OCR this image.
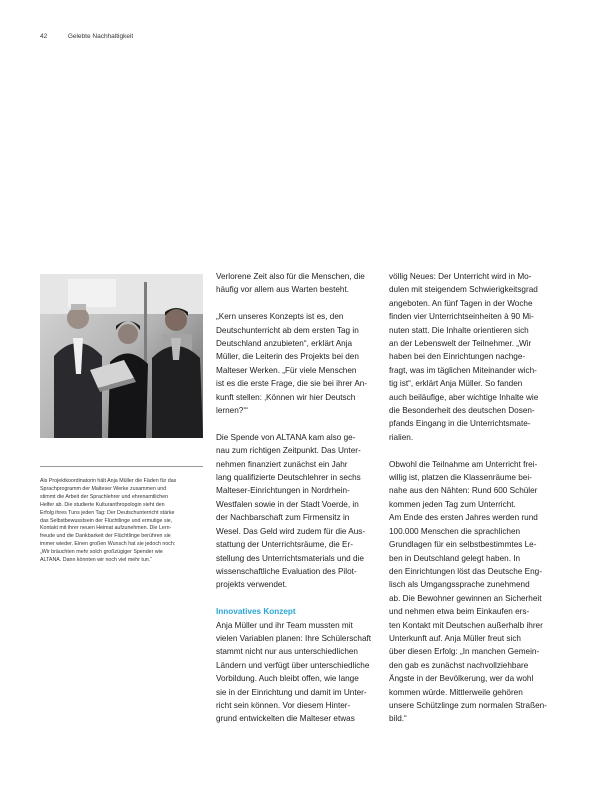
42	Gelebte Nachhaltigkeit
Als Projektkoordinatorin hält Anja Müller die Fäden für das
Sprachprogramm der Malteser Werke zusammen und
stimmt die Arbeit der Sprachlehrer und ehrenamtlichen
Helfer ab. Die studierte Kulturanthropologin sieht den
Erfolg ihres Tuns jeden Tag: Der Deutschunterricht stärke
das Selbstbewusstsein der Flüchtlinge und ermutige sie,
Kontakt mit ihrer neuen Heimat aufzunehmen. Die Lern-
freude und die Dankbarkeit der Flüchtlinge berühren sie
immer wieder. Einen großen Wunsch hat sie jedoch noch:
„Wir bräuchten mehr solch großzügiger Spender wie
ALTANA. Dann könnten wir noch viel mehr tun.“
Verlorene Zeit also für die Menschen, die
häufig vor allem aus Warten besteht.
„Kern unseres Konzepts ist es, den
Deutschunterricht ab dem ersten Tag in
Deutschland anzubieten“, erklärt Anja
Müller, die Leiterin des Projekts bei den
Malteser Werken. „Für viele Menschen
ist es die erste Frage, die sie bei ihrer An-
kunft stellen: ‚Können wir hier Deutsch
lernen?‘“
Die Spende von ALTANA kam also ge-
nau zum richtigen Zeitpunkt. Das Unter-
nehmen finanziert zunächst ein Jahr
lang qualifizierte Deutschlehrer in sechs
Malteser-Einrichtungen in Nordrhein-
Westfalen sowie in der Stadt Voerde, in
der Nachbarschaft zum Firmensitz in
Wesel. Das Geld wird zudem für die Aus-
stattung der Unterrichtsräume, die Er-
stellung des Unterrichtsmaterials und die
wissenschaftliche Evaluation des Pilot-
projekts verwendet.
Innovatives Konzept
Anja Müller und ihr Team mussten mit
vielen Variablen planen: Ihre Schülerschaft
stammt nicht nur aus unterschiedlichen
Ländern und verfügt über unterschiedliche
Vorbildung. Auch bleibt offen, wie lange
sie in der Einrichtung und damit im Unter-
richt sein können. Vor diesem Hinter-
grund entwickelten die Malteser etwas
völlig Neues: Der Unterricht wird in Mo-
dulen mit steigendem Schwierigkeitsgrad
angeboten. An fünf Tagen in der Woche
finden vier Unterrichtseinheiten à 90 Mi-
nuten statt. Die Inhalte orientieren sich
an der Lebenswelt der Teilnehmer. „Wir
haben bei den Einrichtungen nachge-
fragt, was im täglichen Miteinander wich-
tig ist“, erklärt Anja Müller. So fanden
auch beiläufige, aber wichtige Inhalte wie
die Besonderheit des deutschen Dosen-
pfands Eingang in die Unterrichtsmate-
rialien.
Obwohl die Teilnahme am Unterricht frei-
willig ist, platzen die Klassenräume bei-
nahe aus den Nähten: Rund 600 Schüler
kommen jeden Tag zum Unterricht.
Am Ende des ersten Jahres werden rund
100.000 Menschen die sprachlichen
Grundlagen für ein selbstbestimmtes Le-
ben in Deutschland gelegt haben. In
den Einrichtungen löst das Deutsche Eng-
lisch als Umgangssprache zunehmend
ab. Die Bewohner gewinnen an Sicherheit
und nehmen etwa beim Einkaufen ers-
ten Kontakt mit Deutschen außerhalb ihrer
Unterkunft auf. Anja Müller freut sich
über diesen Erfolg: „In manchen Gemein-
den gab es zunächst nachvollziehbare
Ängste in der Bevölkerung, wer da wohl
kommen würde. Mittlerweile gehören
unsere Schützlinge zum normalen Straßen-
bild.“
